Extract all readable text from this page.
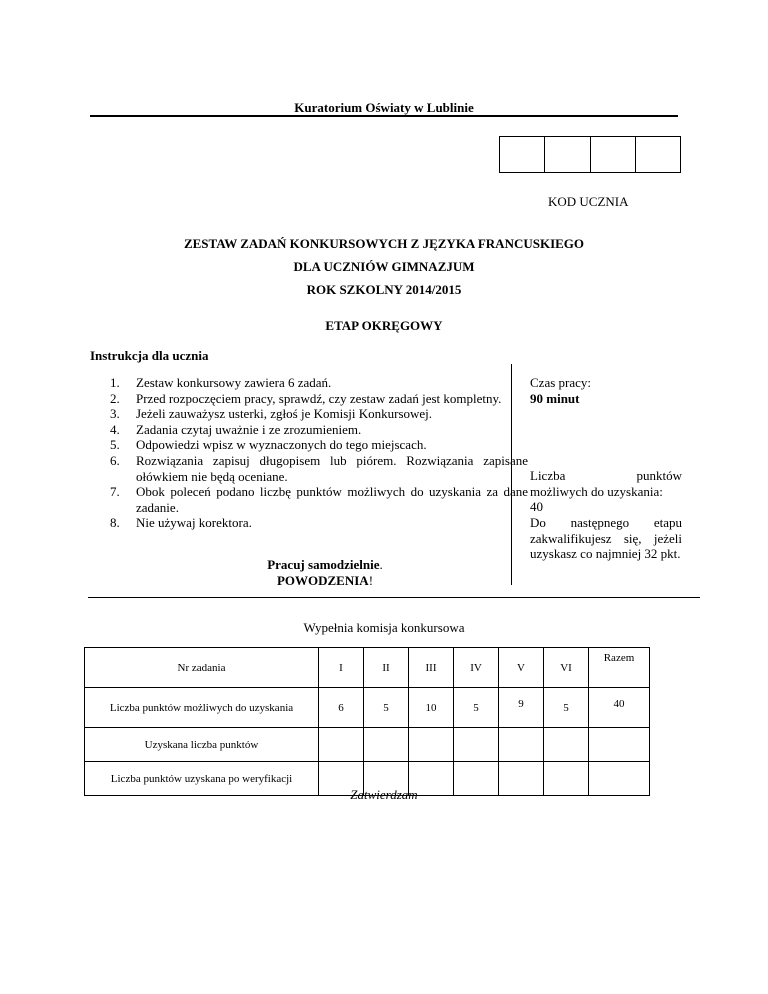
Kuratorium Oświaty w Lublinie
KOD UCZNIA
ZESTAW ZADAŃ KONKURSOWYCH Z JĘZYKA FRANCUSKIEGO
DLA UCZNIÓW GIMNAZJUM
ROK SZKOLNY 2014/2015
ETAP OKRĘGOWY
Instrukcja dla ucznia
1.	Zestaw konkursowy zawiera 6 zadań.
2.	Przed rozpoczęciem pracy, sprawdź, czy zestaw zadań jest kompletny.
3.	Jeżeli zauważysz usterki, zgłoś je Komisji Konkursowej.
4.	Zadania czytaj uważnie i ze zrozumieniem.
5.	Odpowiedzi wpisz w wyznaczonych do tego miejscach.
6.	Rozwiązania zapisuj długopisem lub piórem. Rozwiązania zapisane ołówkiem nie będą oceniane.
7.	Obok poleceń podano liczbę punktów możliwych do uzyskania za dane zadanie.
8.	Nie używaj korektora.
Pracuj samodzielnie.
POWODZENIA!
Czas pracy:
90 minut
Liczba punktów
możliwych do uzyskania:
40
Do następnego etapu zakwalifikujesz się, jeżeli uzyskasz co najmniej 32 pkt.
Wypełnia komisja konkursowa
Nr zadania	I	II	III	IV	V	VI	Razem
Liczba punktów możliwych do uzyskania	6	5	10	5	9	5	40
Uzyskana liczba punktów							
Liczba punktów uzyskana po weryfikacji							
Zatwierdzam
